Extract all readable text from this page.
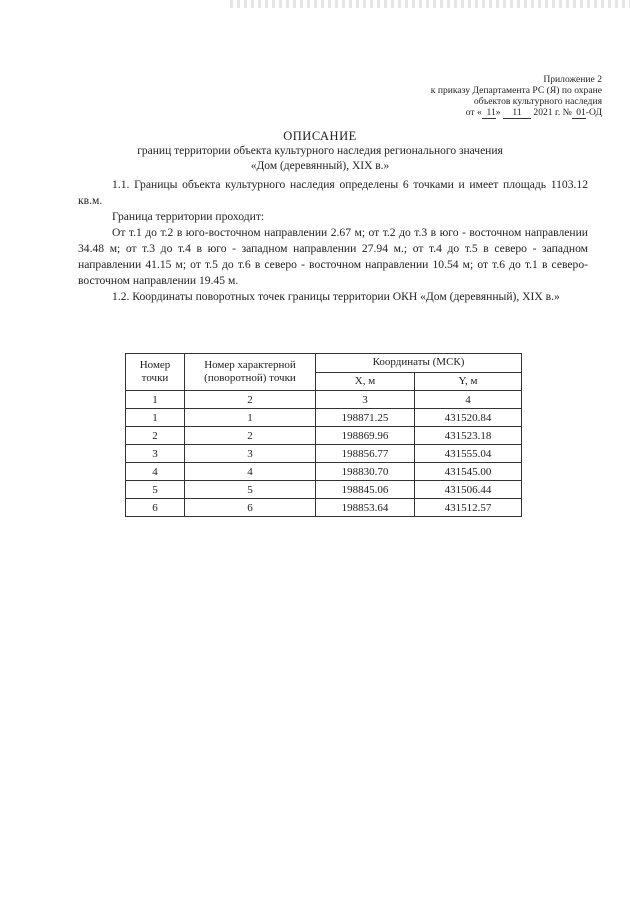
Приложение 2
к приказу Департамента РС (Я) по охране
объектов культурного наследия
от « 11» 11 2021 г. № 01-ОД
ОПИСАНИЕ
границ территории объекта культурного наследия регионального значения
«Дом (деревянный), XIX в.»

1.1. Границы объекта культурного наследия определены 6 точками и имеет площадь 1103.12 кв.м.

Граница территории проходит:

От т.1 до т.2 в юго-восточном направлении 2.67 м; от т.2 до т.3 в юго - восточном направлении 34.48 м; от т.3 до т.4 в юго - западном направлении 27.94 м.; от т.4 до т.5 в северо - западном направлении 41.15 м; от т.5 до т.6 в северо - восточном направлении 10.54 м; от т.6 до т.1 в северо-восточном направлении 19.45 м.

1.2. Координаты поворотных точек границы территории ОКН «Дом (деревянный), XIX в.»

Номер точки	Номер характерной (поворотной) точки	Координаты (МСК)	
		X, м	Y, м
1	2	3	4
1	1	198871.25	431520.84
2	2	198869.96	431523.18
3	3	198856.77	431555.04
4	4	198830.70	431545.00
5	5	198845.06	431506.44
6	6	198853.64	431512.57
